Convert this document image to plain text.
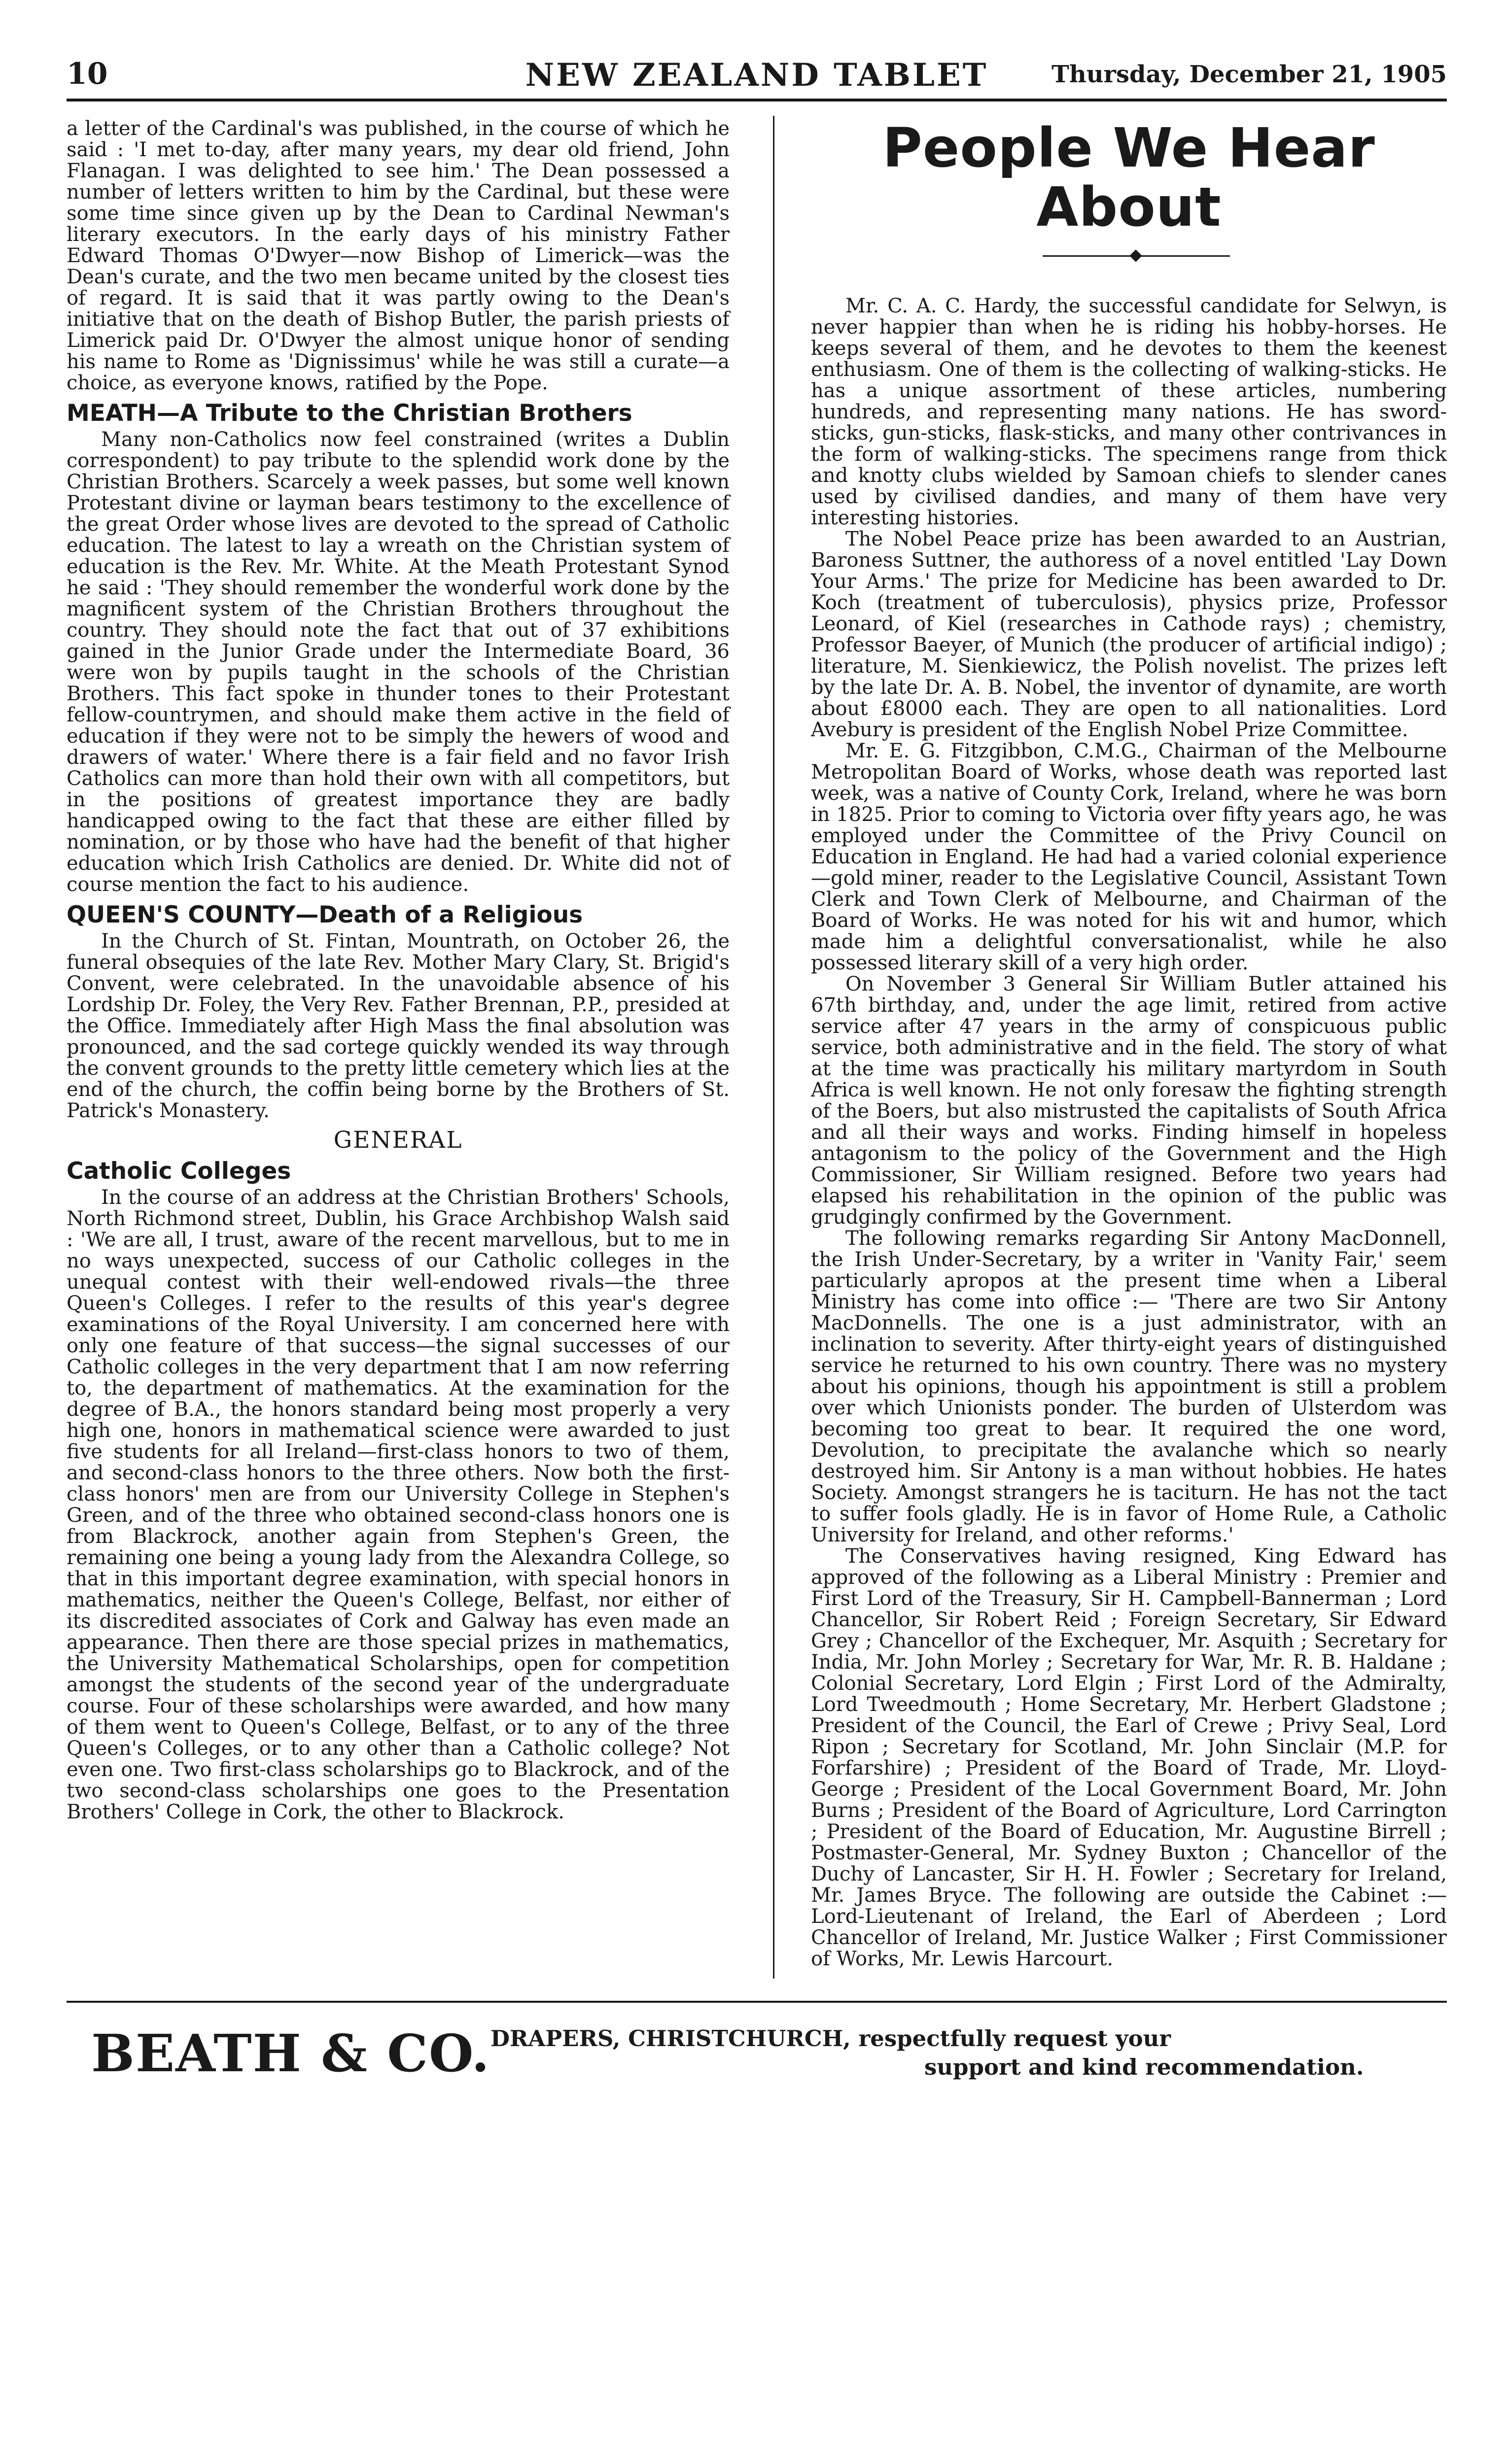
10	NEW ZEALAND TABLET	Thursday, December 21, 1905

a letter of the Cardinal's was published, in the course of which he said : 'I met to-day, after many years, my dear old friend, John Flanagan. I was delighted to see him.' The Dean possessed a number of letters written to him by the Cardinal, but these were some time since given up by the Dean to Cardinal Newman's literary executors. In the early days of his ministry Father Edward Thomas O'Dwyer—now Bishop of Limerick—was the Dean's curate, and the two men became united by the closest ties of regard. It is said that it was partly owing to the Dean's initiative that on the death of Bishop Butler, the parish priests of Limerick paid Dr. O'Dwyer the almost unique honor of sending his name to Rome as 'Dignissimus' while he was still a curate—a choice, as everyone knows, ratified by the Pope.

MEATH—A Tribute to the Christian Brothers

Many non-Catholics now feel constrained (writes a Dublin correspondent) to pay tribute to the splendid work done by the Christian Brothers. Scarcely a week passes, but some well known Protestant divine or layman bears testimony to the excellence of the great Order whose lives are devoted to the spread of Catholic education. The latest to lay a wreath on the Christian system of education is the Rev. Mr. White. At the Meath Protestant Synod he said : 'They should remember the wonderful work done by the magnificent system of the Christian Brothers throughout the country. They should note the fact that out of 37 exhibitions gained in the Junior Grade under the Intermediate Board, 36 were won by pupils taught in the schools of the Christian Brothers. This fact spoke in thunder tones to their Protestant fellow-countrymen, and should make them active in the field of education if they were not to be simply the hewers of wood and drawers of water.' Where there is a fair field and no favor Irish Catholics can more than hold their own with all competitors, but in the positions of greatest importance they are badly handicapped owing to the fact that these are either filled by nomination, or by those who have had the benefit of that higher education which Irish Catholics are denied. Dr. White did not of course mention the fact to his audience.

QUEEN'S COUNTY—Death of a Religious

In the Church of St. Fintan, Mountrath, on October 26, the funeral obsequies of the late Rev. Mother Mary Clary, St. Brigid's Convent, were celebrated. In the unavoidable absence of his Lordship Dr. Foley, the Very Rev. Father Brennan, P.P., presided at the Office. Immediately after High Mass the final absolution was pronounced, and the sad cortege quickly wended its way through the convent grounds to the pretty little cemetery which lies at the end of the church, the coffin being borne by the Brothers of St. Patrick's Monastery.

GENERAL
Catholic Colleges

In the course of an address at the Christian Brothers' Schools, North Richmond street, Dublin, his Grace Archbishop Walsh said : 'We are all, I trust, aware of the recent marvellous, but to me in no ways unexpected, success of our Catholic colleges in the unequal contest with their well-endowed rivals—the three Queen's Colleges. I refer to the results of this year's degree examinations of the Royal University. I am concerned here with only one feature of that success—the signal successes of our Catholic colleges in the very department that I am now referring to, the department of mathematics. At the examination for the degree of B.A., the honors standard being most properly a very high one, honors in mathematical science were awarded to just five students for all Ireland—first-class honors to two of them, and second-class honors to the three others. Now both the first-class honors' men are from our University College in Stephen's Green, and of the three who obtained second-class honors one is from Blackrock, another again from Stephen's Green, the remaining one being a young lady from the Alexandra College, so that in this important degree examination, with special honors in mathematics, neither the Queen's College, Belfast, nor either of its discredited associates of Cork and Galway has even made an appearance. Then there are those special prizes in mathematics, the University Mathematical Scholarships, open for competition amongst the students of the second year of the undergraduate course. Four of these scholarships were awarded, and how many of them went to Queen's College, Belfast, or to any of the three Queen's Colleges, or to any other than a Catholic college? Not even one. Two first-class scholarships go to Blackrock, and of the two second-class scholarships one goes to the Presentation Brothers' College in Cork, the other to Blackrock.

People We Hear About

Mr. C. A. C. Hardy, the successful candidate for Selwyn, is never happier than when he is riding his hobby-horses. He keeps several of them, and he devotes to them the keenest enthusiasm. One of them is the collecting of walking-sticks. He has a unique assortment of these articles, numbering hundreds, and representing many nations. He has sword-sticks, gun-sticks, flask-sticks, and many other contrivances in the form of walking-sticks. The specimens range from thick and knotty clubs wielded by Samoan chiefs to slender canes used by civilised dandies, and many of them have very interesting histories.

The Nobel Peace prize has been awarded to an Austrian, Baroness Suttner, the authoress of a novel entitled 'Lay Down Your Arms.' The prize for Medicine has been awarded to Dr. Koch (treatment of tuberculosis), physics prize, Professor Leonard, of Kiel (researches in Cathode rays) ; chemistry, Professor Baeyer, of Munich (the producer of artificial indigo) ; literature, M. Sienkiewicz, the Polish novelist. The prizes left by the late Dr. A. B. Nobel, the inventor of dynamite, are worth about £8000 each. They are open to all nationalities. Lord Avebury is president of the English Nobel Prize Committee.

Mr. E. G. Fitzgibbon, C.M.G., Chairman of the Melbourne Metropolitan Board of Works, whose death was reported last week, was a native of County Cork, Ireland, where he was born in 1825. Prior to coming to Victoria over fifty years ago, he was employed under the Committee of the Privy Council on Education in England. He had had a varied colonial experience—gold miner, reader to the Legislative Council, Assistant Town Clerk and Town Clerk of Melbourne, and Chairman of the Board of Works. He was noted for his wit and humor, which made him a delightful conversationalist, while he also possessed literary skill of a very high order.

On November 3 General Sir William Butler attained his 67th birthday, and, under the age limit, retired from active service after 47 years in the army of conspicuous public service, both administrative and in the field. The story of what at the time was practically his military martyrdom in South Africa is well known. He not only foresaw the fighting strength of the Boers, but also mistrusted the capitalists of South Africa and all their ways and works. Finding himself in hopeless antagonism to the policy of the Government and the High Commissioner, Sir William resigned. Before two years had elapsed his rehabilitation in the opinion of the public was grudgingly confirmed by the Government.

The following remarks regarding Sir Antony MacDonnell, the Irish Under-Secretary, by a writer in 'Vanity Fair,' seem particularly apropos at the present time when a Liberal Ministry has come into office :— 'There are two Sir Antony MacDonnells. The one is a just administrator, with an inclination to severity. After thirty-eight years of distinguished service he returned to his own country. There was no mystery about his opinions, though his appointment is still a problem over which Unionists ponder. The burden of Ulsterdom was becoming too great to bear. It required the one word, Devolution, to precipitate the avalanche which so nearly destroyed him. Sir Antony is a man without hobbies. He hates Society. Amongst strangers he is taciturn. He has not the tact to suffer fools gladly. He is in favor of Home Rule, a Catholic University for Ireland, and other reforms.'

The Conservatives having resigned, King Edward has approved of the following as a Liberal Ministry : Premier and First Lord of the Treasury, Sir H. Campbell-Bannerman ; Lord Chancellor, Sir Robert Reid ; Foreign Secretary, Sir Edward Grey ; Chancellor of the Exchequer, Mr. Asquith ; Secretary for India, Mr. John Morley ; Secretary for War, Mr. R. B. Haldane ; Colonial Secretary, Lord Elgin ; First Lord of the Admiralty, Lord Tweedmouth ; Home Secretary, Mr. Herbert Gladstone ; President of the Council, the Earl of Crewe ; Privy Seal, Lord Ripon ; Secretary for Scotland, Mr. John Sinclair (M.P. for Forfarshire) ; President of the Board of Trade, Mr. Lloyd-George ; President of the Local Government Board, Mr. John Burns ; President of the Board of Agriculture, Lord Carrington ; President of the Board of Education, Mr. Augustine Birrell ; Postmaster-General, Mr. Sydney Buxton ; Chancellor of the Duchy of Lancaster, Sir H. H. Fowler ; Secretary for Ireland, Mr. James Bryce. The following are outside the Cabinet :—Lord-Lieutenant of Ireland, the Earl of Aberdeen ; Lord Chancellor of Ireland, Mr. Justice Walker ; First Commissioner of Works, Mr. Lewis Harcourt.

BEATH & CO. DRAPERS, CHRISTCHURCH, respectfully request your
support and kind recommendation.
